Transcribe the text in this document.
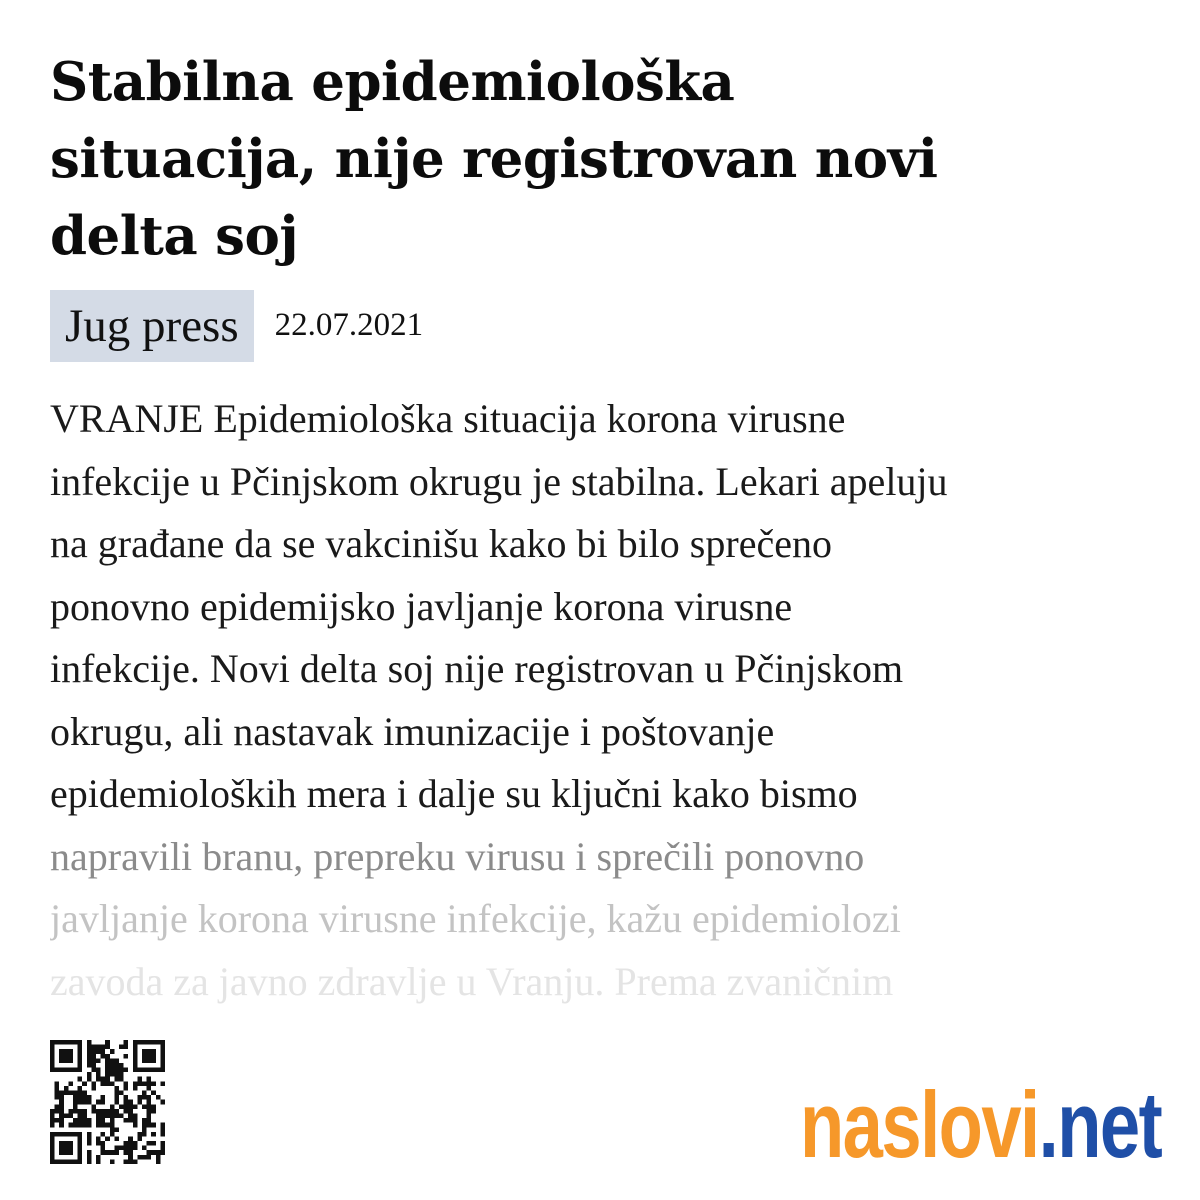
Stabilna epidemiološka
situacija, nije registrovan novi
delta soj
Jug press	22.07.2021
VRANJE Epidemiološka situacija korona virusne
infekcije u Pčinjskom okrugu je stabilna. Lekari apeluju
na građane da se vakcinišu kako bi bilo sprečeno
ponovno epidemijsko javljanje korona virusne
infekcije. Novi delta soj nije registrovan u Pčinjskom
okrugu, ali nastavak imunizacije i poštovanje
epidemioloških mera i dalje su ključni kako bismo
napravili branu, prepreku virusu i sprečili ponovno
javljanje korona virusne infekcije, kažu epidemiolozi
zavoda za javno zdravlje u Vranju. Prema zvaničnim
naslovi .net
